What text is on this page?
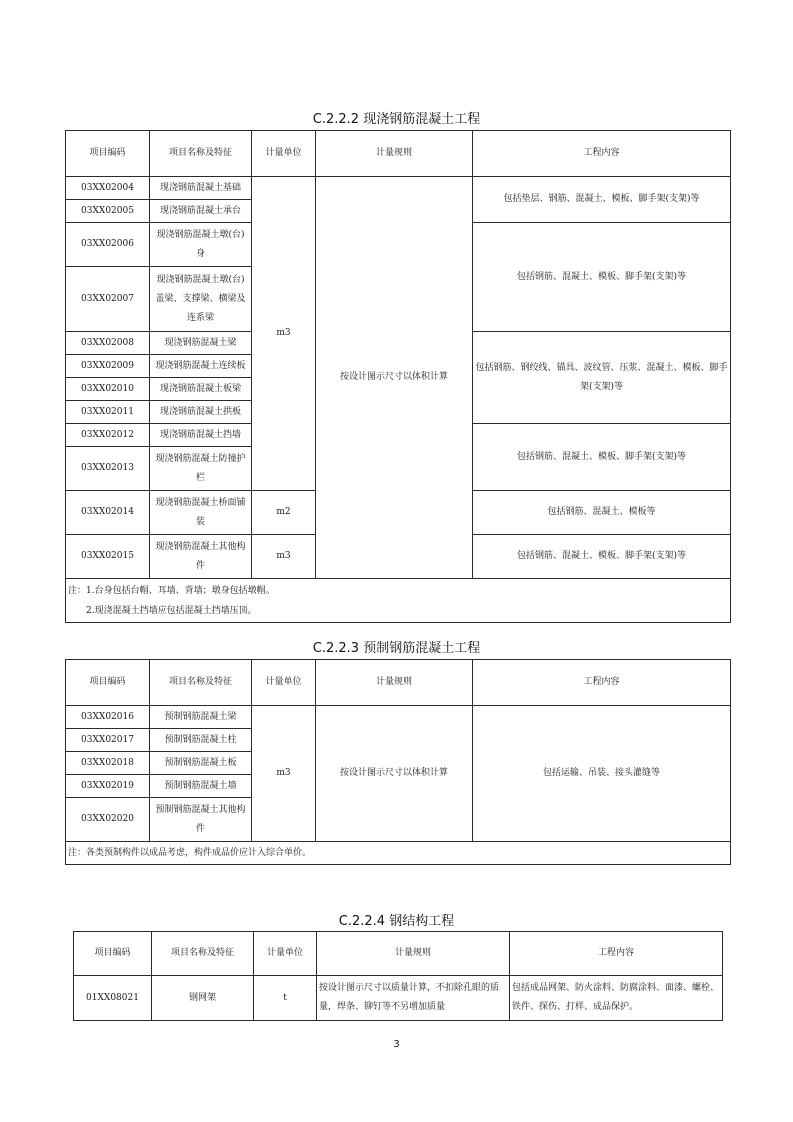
C.2.2.2 现浇钢筋混凝土工程
项目编码	项目名称及特征	计量单位	计量规则	工程内容
03XX02004	现浇钢筋混凝土基础	m3	按设计图示尺寸以体积计算	包括垫层、钢筋、混凝土、模板、脚手架(支架)等
03XX02005	现浇钢筋混凝土承台			
03XX02006	现浇钢筋混凝土墩(台)身			包括钢筋、混凝土、模板、脚手架(支架)等
03XX02007	现浇钢筋混凝土墩(台)盖梁、支撑梁、横梁及连系梁			
03XX02008	现浇钢筋混凝土梁			包括钢筋、钢绞线、锚具、波纹管、压浆、混凝土、模板、脚手架(支架)等
03XX02009	现浇钢筋混凝土连续板			
03XX02010	现浇钢筋混凝土板梁			
03XX02011	现浇钢筋混凝土拱板			
03XX02012	现浇钢筋混凝土挡墙			包括钢筋、混凝土、模板、脚手架(支架)等
03XX02013	现浇钢筋混凝土防撞护栏			
03XX02014	现浇钢筋混凝土桥面铺装	m2		包括钢筋、混凝土、模板等
03XX02015	现浇钢筋混凝土其他构件	m3		包括钢筋、混凝土、模板、脚手架(支架)等

注：1.台身包括台帽、耳墙、背墙；墩身包括墩帽。
2.现浇混凝土挡墙应包括混凝土挡墙压顶。				
C.2.2.3 预制钢筋混凝土工程
项目编码	项目名称及特征	计量单位	计量规则	工程内容
03XX02016	预制钢筋混凝土梁	m3	按设计图示尺寸以体积计算	包括运输、吊装、接头灌缝等
03XX02017	预制钢筋混凝土柱			
03XX02018	预制钢筋混凝土板			
03XX02019	预制钢筋混凝土墙			
03XX02020	预制钢筋混凝土其他构件			
注：各类预制构件以成品考虑，构件成品价应计入综合单价。				
C.2.2.4 钢结构工程
项目编码	项目名称及特征	计量单位	计量规则	工程内容
01XX08021	钢网架	t	按设计图示尺寸以质量计算，不扣除孔眼的质量，焊条、铆钉等不另增加质量	包括成品网架、防火涂料、防腐涂料、面漆、螺栓、铁件、探伤、打样、成品保护。
3
